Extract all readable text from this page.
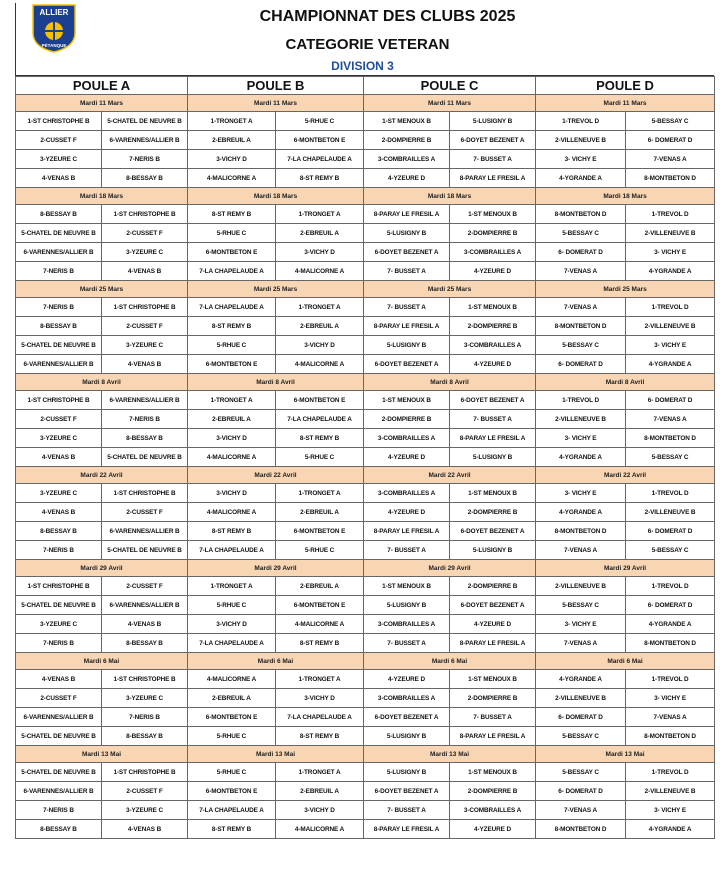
ALLIER
PÉTANQUE
CHAMPIONNAT DES CLUBS 2025
CATEGORIE VETERAN
DIVISION 3
POULE A		POULE B		POULE C		POULE D	
Mardi 11 Mars		Mardi 11 Mars		Mardi 11 Mars		Mardi 11 Mars	
1-ST CHRISTOPHE B	5-CHATEL DE NEUVRE B	1-TRONGET A	5-RHUE C	1-ST MENOUX B	5-LUSIGNY B	1-TREVOL D	5-BESSAY C
2-CUSSET F	6-VARENNES/ALLIER B	2-EBREUIL A	6-MONTBETON E	2-DOMPIERRE B	6-DOYET BEZENET A	2-VILLENEUVE B	6- DOMERAT D
3-YZEURE C	7-NERIS B	3-VICHY D	7-LA CHAPELAUDE A	3-COMBRAILLES A	7- BUSSET A	3- VICHY E	7-VENAS A
4-VENAS B	8-BESSAY B	4-MALICORNE A	8-ST REMY B	4-YZEURE D	8-PARAY LE FRESIL A	4-YGRANDE A	8-MONTBETON D
Mardi 18 Mars		Mardi 18 Mars		Mardi 18 Mars		Mardi 18 Mars	
8-BESSAY B	1-ST CHRISTOPHE B	8-ST REMY B	1-TRONGET A	8-PARAY LE FRESIL A	1-ST MENOUX B	8-MONTBETON D	1-TREVOL D
5-CHATEL DE NEUVRE B	2-CUSSET F	5-RHUE C	2-EBREUIL A	5-LUSIGNY B	2-DOMPIERRE B	5-BESSAY C	2-VILLENEUVE B
6-VARENNES/ALLIER B	3-YZEURE C	6-MONTBETON E	3-VICHY D	6-DOYET BEZENET A	3-COMBRAILLES A	6- DOMERAT D	3- VICHY E
7-NERIS B	4-VENAS B	7-LA CHAPELAUDE A	4-MALICORNE A	7- BUSSET A	4-YZEURE D	7-VENAS A	4-YGRANDE A
Mardi 25 Mars		Mardi 25 Mars		Mardi 25 Mars		Mardi 25 Mars	
7-NERIS B	1-ST CHRISTOPHE B	7-LA CHAPELAUDE A	1-TRONGET A	7- BUSSET A	1-ST MENOUX B	7-VENAS A	1-TREVOL D
8-BESSAY B	2-CUSSET F	8-ST REMY B	2-EBREUIL A	8-PARAY LE FRESIL A	2-DOMPIERRE B	8-MONTBETON D	2-VILLENEUVE B
5-CHATEL DE NEUVRE B	3-YZEURE C	5-RHUE C	3-VICHY D	5-LUSIGNY B	3-COMBRAILLES A	5-BESSAY C	3- VICHY E
6-VARENNES/ALLIER B	4-VENAS B	6-MONTBETON E	4-MALICORNE A	6-DOYET BEZENET A	4-YZEURE D	6- DOMERAT D	4-YGRANDE A
Mardi 8 Avril		Mardi 8 Avril		Mardi 8 Avril		Mardi 8 Avril	
1-ST CHRISTOPHE B	6-VARENNES/ALLIER B	1-TRONGET A	6-MONTBETON E	1-ST MENOUX B	6-DOYET BEZENET A	1-TREVOL D	6- DOMERAT D
2-CUSSET F	7-NERIS B	2-EBREUIL A	7-LA CHAPELAUDE A	2-DOMPIERRE B	7- BUSSET A	2-VILLENEUVE B	7-VENAS A
3-YZEURE C	8-BESSAY B	3-VICHY D	8-ST REMY B	3-COMBRAILLES A	8-PARAY LE FRESIL A	3- VICHY E	8-MONTBETON D
4-VENAS B	5-CHATEL DE NEUVRE B	4-MALICORNE A	5-RHUE C	4-YZEURE D	5-LUSIGNY B	4-YGRANDE A	5-BESSAY C
Mardi 22 Avril		Mardi 22 Avril		Mardi 22 Avril		Mardi 22 Avril	
3-YZEURE C	1-ST CHRISTOPHE B	3-VICHY D	1-TRONGET A	3-COMBRAILLES A	1-ST MENOUX B	3- VICHY E	1-TREVOL D
4-VENAS B	2-CUSSET F	4-MALICORNE A	2-EBREUIL A	4-YZEURE D	2-DOMPIERRE B	4-YGRANDE A	2-VILLENEUVE B
8-BESSAY B	6-VARENNES/ALLIER B	8-ST REMY B	6-MONTBETON E	8-PARAY LE FRESIL A	6-DOYET BEZENET A	8-MONTBETON D	6- DOMERAT D
7-NERIS B	5-CHATEL DE NEUVRE B	7-LA CHAPELAUDE A	5-RHUE C	7- BUSSET A	5-LUSIGNY B	7-VENAS A	5-BESSAY C
Mardi 29 Avril		Mardi 29 Avril		Mardi 29 Avril		Mardi 29 Avril	
1-ST CHRISTOPHE B	2-CUSSET F	1-TRONGET A	2-EBREUIL A	1-ST MENOUX B	2-DOMPIERRE B	2-VILLENEUVE B	1-TREVOL D
5-CHATEL DE NEUVRE B	6-VARENNES/ALLIER B	5-RHUE C	6-MONTBETON E	5-LUSIGNY B	6-DOYET BEZENET A	5-BESSAY C	6- DOMERAT D
3-YZEURE C	4-VENAS B	3-VICHY D	4-MALICORNE A	3-COMBRAILLES A	4-YZEURE D	3- VICHY E	4-YGRANDE A
7-NERIS B	8-BESSAY B	7-LA CHAPELAUDE A	8-ST REMY B	7- BUSSET A	8-PARAY LE FRESIL A	7-VENAS A	8-MONTBETON D
Mardi 6 Mai		Mardi 6 Mai		Mardi 6 Mai		Mardi 6 Mai	
4-VENAS B	1-ST CHRISTOPHE B	4-MALICORNE A	1-TRONGET A	4-YZEURE D	1-ST MENOUX B	4-YGRANDE A	1-TREVOL D
2-CUSSET F	3-YZEURE C	2-EBREUIL A	3-VICHY D	3-COMBRAILLES A	2-DOMPIERRE B	2-VILLENEUVE B	3- VICHY E
6-VARENNES/ALLIER B	7-NERIS B	6-MONTBETON E	7-LA CHAPELAUDE A	6-DOYET BEZENET A	7- BUSSET A	6- DOMERAT D	7-VENAS A
5-CHATEL DE NEUVRE B	8-BESSAY B	5-RHUE C	8-ST REMY B	5-LUSIGNY B	8-PARAY LE FRESIL A	5-BESSAY C	8-MONTBETON D
Mardi 13 Mai		Mardi 13 Mai		Mardi 13 Mai		Mardi 13 Mai	
5-CHATEL DE NEUVRE B	1-ST CHRISTOPHE B	5-RHUE C	1-TRONGET A	5-LUSIGNY B	1-ST MENOUX B	5-BESSAY C	1-TREVOL D
6-VARENNES/ALLIER B	2-CUSSET F	6-MONTBETON E	2-EBREUIL A	6-DOYET BEZENET A	2-DOMPIERRE B	6- DOMERAT D	2-VILLENEUVE B
7-NERIS B	3-YZEURE C	7-LA CHAPELAUDE A	3-VICHY D	7- BUSSET A	3-COMBRAILLES A	7-VENAS A	3- VICHY E
8-BESSAY B	4-VENAS B	8-ST REMY B	4-MALICORNE A	8-PARAY LE FRESIL A	4-YZEURE D	8-MONTBETON D	4-YGRANDE A
